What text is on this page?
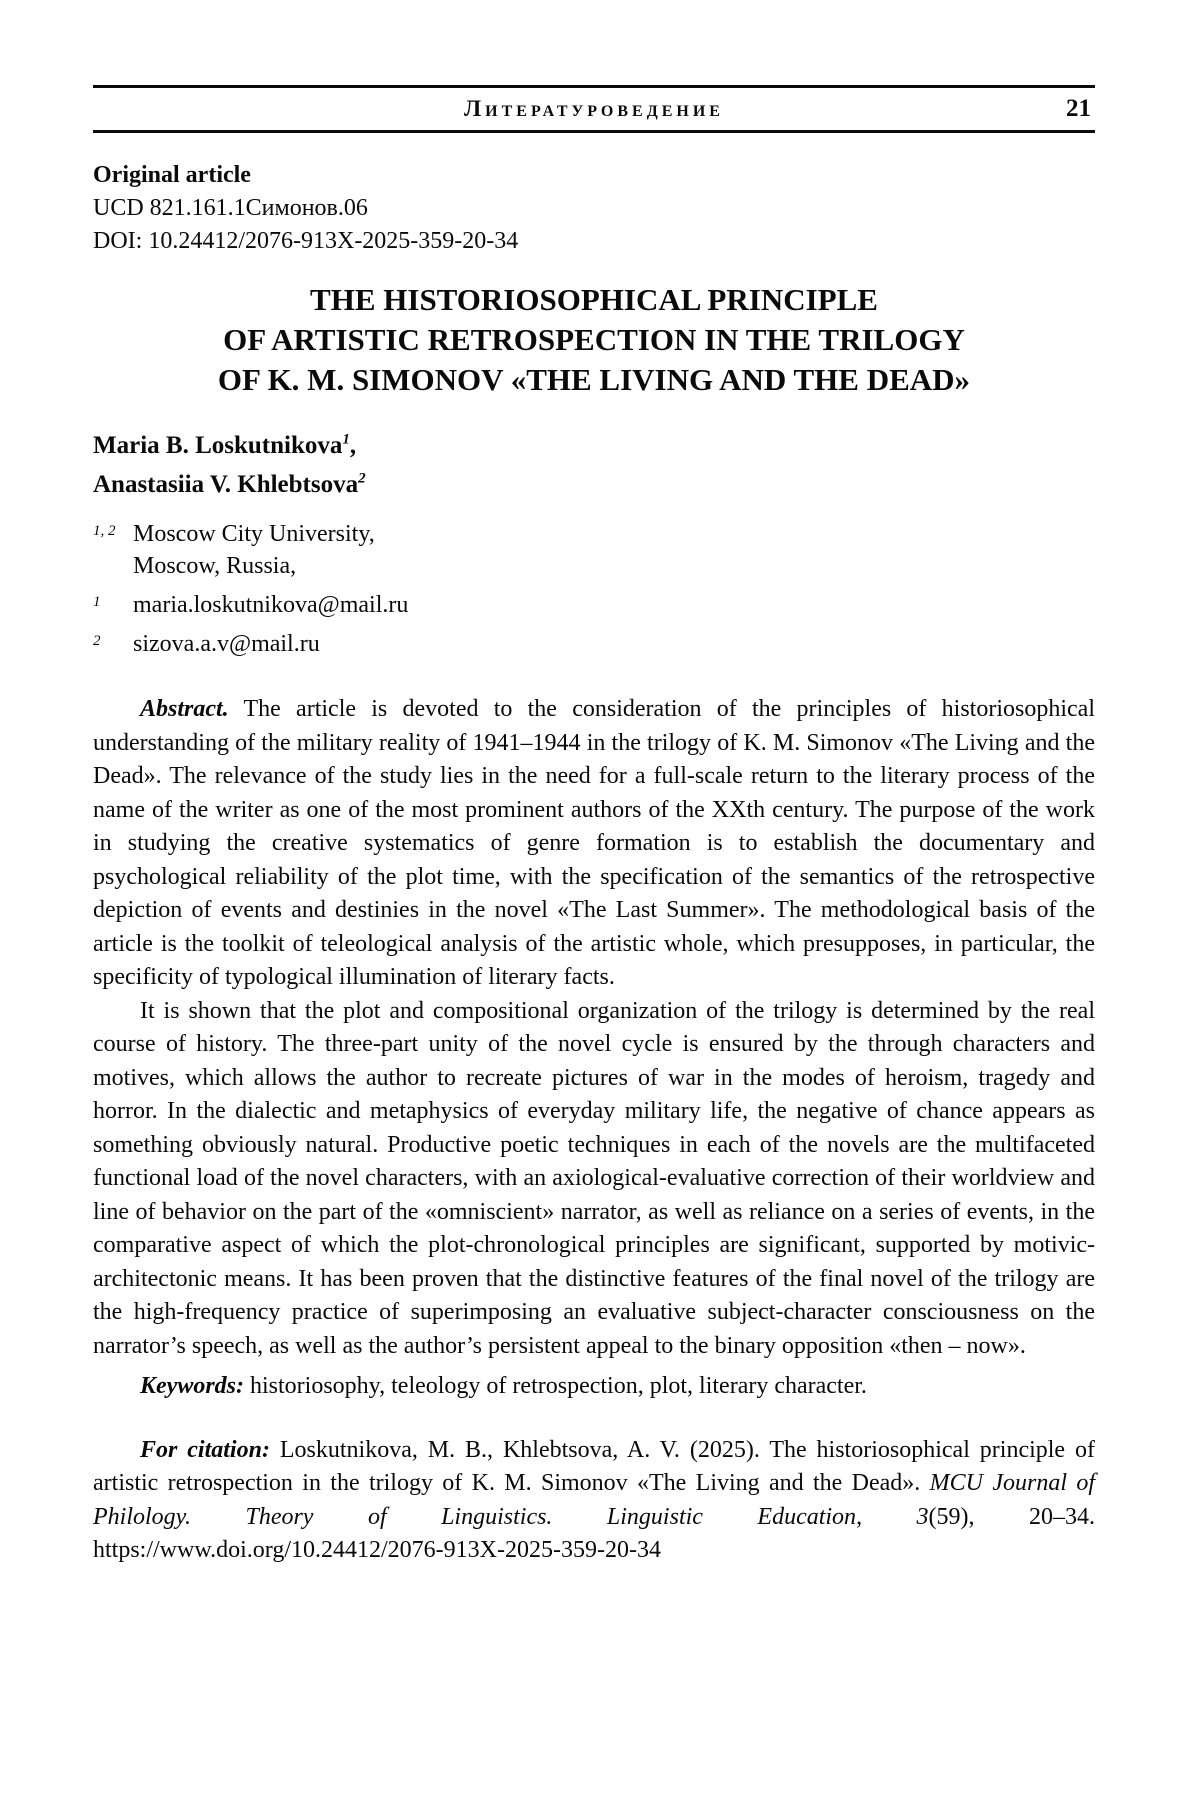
Литературоведение	21
Original article
UCD 821.161.1Симонов.06
DOI: 10.24412/2076-913X-2025-359-20-34
THE HISTORIOSOPHICAL PRINCIPLE
OF ARTISTIC RETROSPECTION IN THE TRILOGY
OF K. M. SIMONOV «THE LIVING AND THE DEAD»
Maria B. Loskutnikova$^1$,
Anastasiia V. Khlebtsova$^2$
1, 2 Moscow City University,
Moscow, Russia,
1	maria.loskutnikova@mail.ru
2	sizova.a.v@mail.ru

Abstract. The article is devoted to the consideration of the principles of historiosophical understanding of the military reality of 1941–1944 in the trilogy of K. M. Simonov «The Living and the Dead». The relevance of the study lies in the need for a full-scale return to the literary process of the name of the writer as one of the most prominent authors of the XXth century. The purpose of the work in studying the creative systematics of genre formation is to establish the documentary and psychological reliability of the plot time, with the specification of the semantics of the retrospective depiction of events and destinies in the novel «The Last Summer». The methodological basis of the article is the toolkit of teleological analysis of the artistic whole, which presupposes, in particular, the specificity of typological illumination of literary facts.

It is shown that the plot and compositional organization of the trilogy is determined by the real course of history. The three-part unity of the novel cycle is ensured by the through characters and motives, which allows the author to recreate pictures of war in the modes of heroism, tragedy and horror. In the dialectic and metaphysics of everyday military life, the negative of chance appears as something obviously natural. Productive poetic techniques in each of the novels are the multifaceted functional load of the novel characters, with an axiological-evaluative correction of their worldview and line of behavior on the part of the «omniscient» narrator, as well as reliance on a series of events, in the comparative aspect of which the plot-chronological principles are significant, supported by motivic-architectonic means. It has been proven that the distinctive features of the final novel of the trilogy are the high-frequency practice of superimposing an evaluative subject-character consciousness on the narrator’s speech, as well as the author’s persistent appeal to the binary opposition «then – now».

Keywords: historiosophy, teleology of retrospection, plot, literary character.

For citation: Loskutnikova, M. B., Khlebtsova, A. V. (2025). The historiosophical principle of artistic retrospection in the trilogy of K. M. Simonov «The Living and the Dead». MCU Journal of Philology. Theory of Linguistics. Linguistic Education, 3(59), 20–34. https://www.doi.org/10.24412/2076-913X-2025-359-20-34
